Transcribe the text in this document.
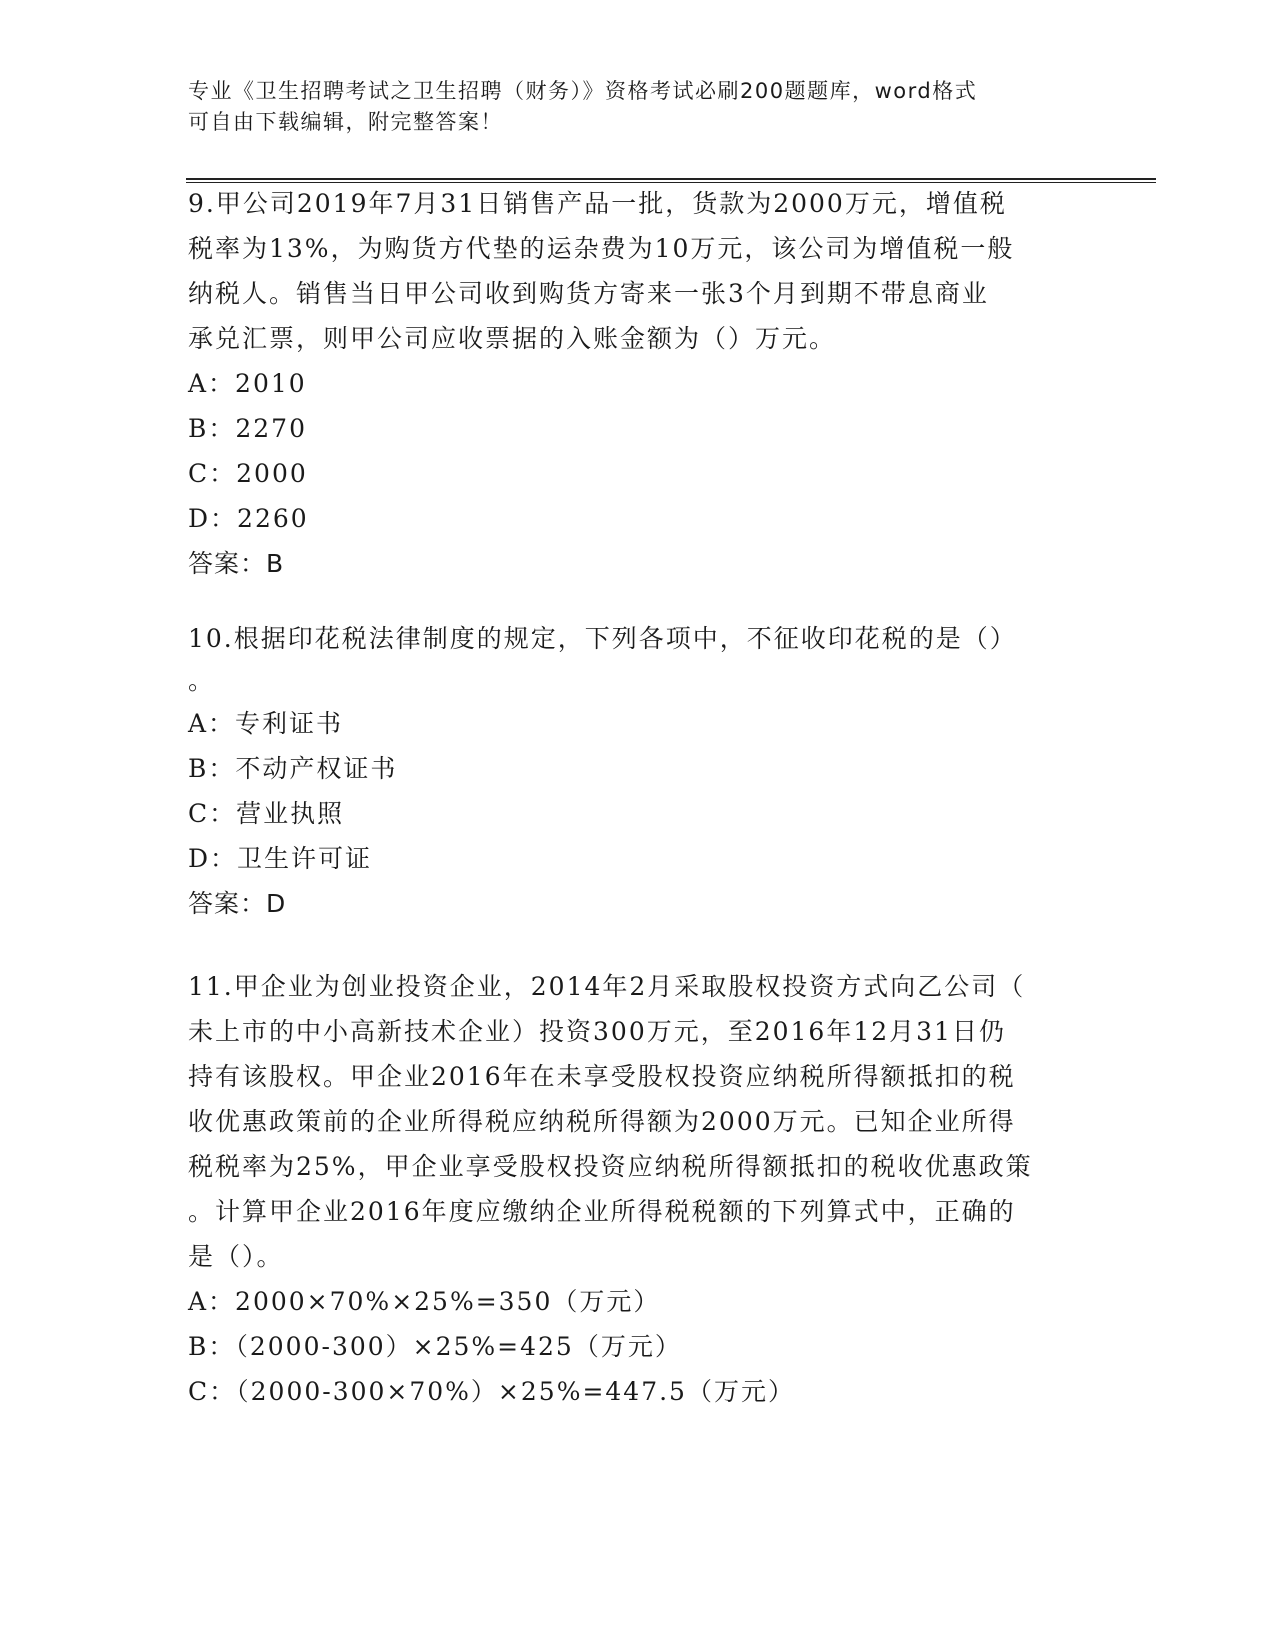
专业《卫生招聘考试之卫生招聘（财务）》资格考试必刷200题题库，word格式
可自由下载编辑，附完整答案！

9.甲公司2019年7月31日销售产品一批，货款为2000万元，增值税

税率为13%，为购货方代垫的运杂费为10万元，该公司为增值税一般

纳税人。销售当日甲公司收到购货方寄来一张3个月到期不带息商业

承兑汇票，则甲公司应收票据的入账金额为（）万元。

A：2010

B：2270

C：2000

D：2260

答案：B

10.根据印花税法律制度的规定，下列各项中，不征收印花税的是（）

。

A：专利证书

B：不动产权证书

C：营业执照

D：卫生许可证

答案：D

11.甲企业为创业投资企业，2014年2月采取股权投资方式向乙公司（

未上市的中小高新技术企业）投资300万元，至2016年12月31日仍

持有该股权。甲企业2016年在未享受股权投资应纳税所得额抵扣的税

收优惠政策前的企业所得税应纳税所得额为2000万元。已知企业所得

税税率为25%，甲企业享受股权投资应纳税所得额抵扣的税收优惠政策

。计算甲企业2016年度应缴纳企业所得税税额的下列算式中，正确的

是（）。

A：2000×70%×25%=350（万元）

B：（2000-300）×25%=425（万元）

C：（2000-300×70%）×25%=447.5（万元）
